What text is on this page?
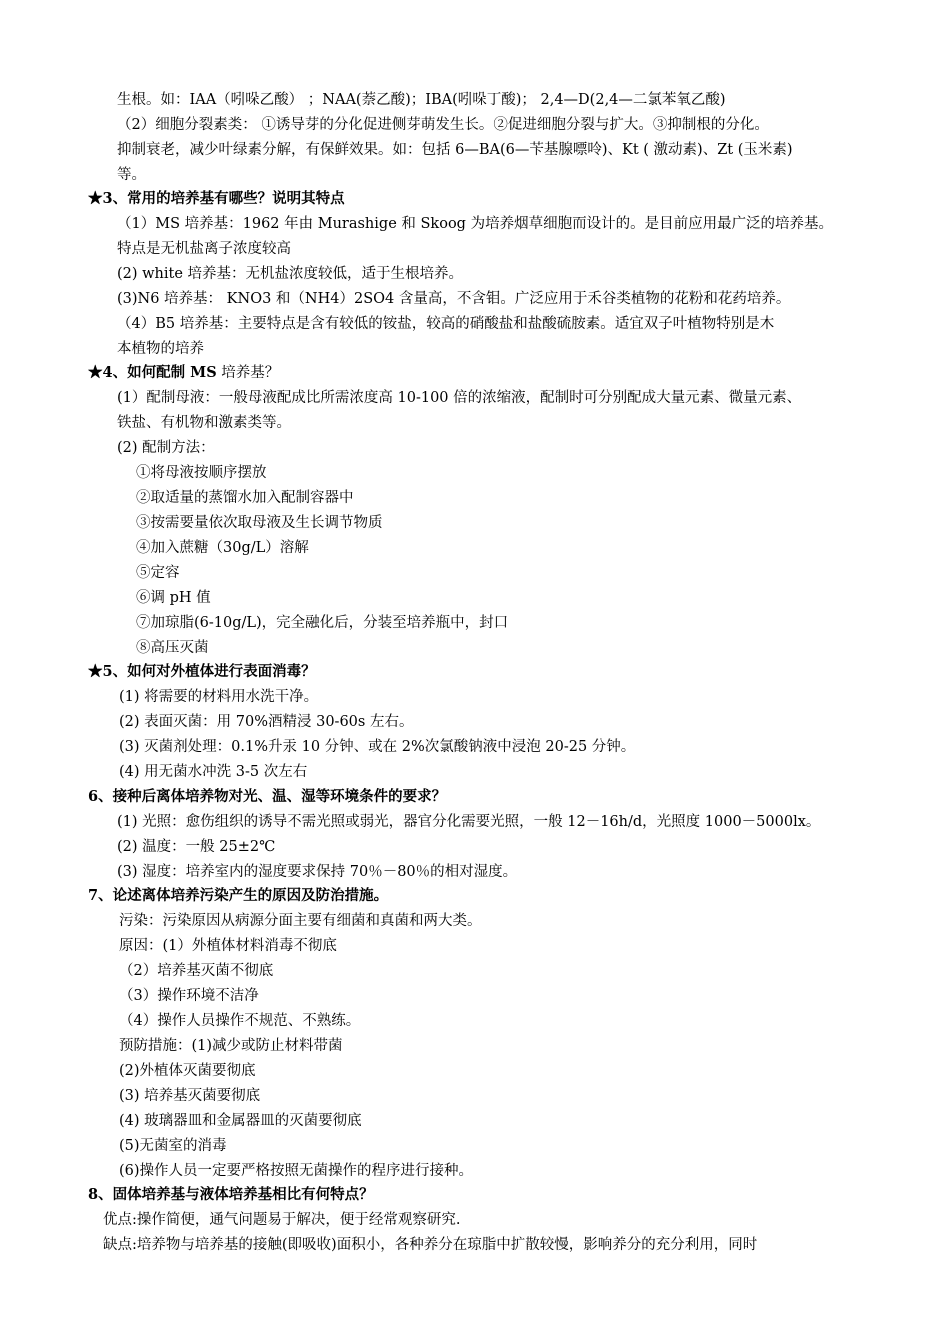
生根。如：IAA（吲哚乙酸） ；NAA(萘乙酸)；IBA(吲哚丁酸)； 2,4—D(2,4—二氯苯氧乙酸)
（2）细胞分裂素类： ①诱导芽的分化促进侧芽萌发生长。②促进细胞分裂与扩大。③抑制根的分化。
抑制衰老，减少叶绿素分解，有保鲜效果。如：包括 6—BA(6—苄基腺嘌呤)、Kt ( 激动素)、Zt (玉米素)
等。
★3、常用的培养基有哪些？说明其特点
（1）MS 培养基：1962 年由 Murashige 和 Skoog 为培养烟草细胞而设计的。是目前应用最广泛的培养基。
特点是无机盐离子浓度较高
(2) white 培养基：无机盐浓度较低，适于生根培养。
(3)N6 培养基： KNO3 和（NH4）2SO4 含量高，不含钼。广泛应用于禾谷类植物的花粉和花药培养。
（4）B5 培养基：主要特点是含有较低的铵盐，较高的硝酸盐和盐酸硫胺素。适宜双子叶植物特别是木
本植物的培养
★4、如何配制 MS 培养基？
(1）配制母液：一般母液配成比所需浓度高 10-100 倍的浓缩液，配制时可分别配成大量元素、微量元素、
铁盐、有机物和激素类等。
(2) 配制方法：
①将母液按顺序摆放
②取适量的蒸馏水加入配制容器中
③按需要量依次取母液及生长调节物质
④加入蔗糖（30g/L）溶解
⑤定容
⑥调 pH 值
⑦加琼脂(6-10g/L)，完全融化后，分装至培养瓶中，封口
⑧高压灭菌
★5、如何对外植体进行表面消毒？
(1) 将需要的材料用水洗干净。
(2) 表面灭菌：用 70%酒精浸 30-60s 左右。
(3) 灭菌剂处理：0.1%升汞 10 分钟、或在 2%次氯酸钠液中浸泡 20-25 分钟。
(4) 用无菌水冲洗 3-5 次左右
6、接种后离体培养物对光、温、湿等环境条件的要求？
(1) 光照：愈伤组织的诱导不需光照或弱光，器官分化需要光照，一般 12－16h/d，光照度 1000－5000lx。
(2) 温度：一般 25±2℃
(3) 湿度：培养室内的湿度要求保持 70％－80％的相对湿度。
7、论述离体培养污染产生的原因及防治措施。
污染：污染原因从病源分面主要有细菌和真菌和两大类。
原因：(1）外植体材料消毒不彻底
（2）培养基灭菌不彻底
（3）操作环境不洁净
（4）操作人员操作不规范、不熟练。
预防措施：(1)减少或防止材料带菌
(2)外植体灭菌要彻底
(3) 培养基灭菌要彻底
(4) 玻璃器皿和金属器皿的灭菌要彻底
(5)无菌室的消毒
(6)操作人员一定要严格按照无菌操作的程序进行接种。
8、固体培养基与液体培养基相比有何特点？
优点:操作简便，通气问题易于解决，便于经常观察研究.
缺点:培养物与培养基的接触(即吸收)面积小，各种养分在琼脂中扩散较慢，影响养分的充分利用，同时
